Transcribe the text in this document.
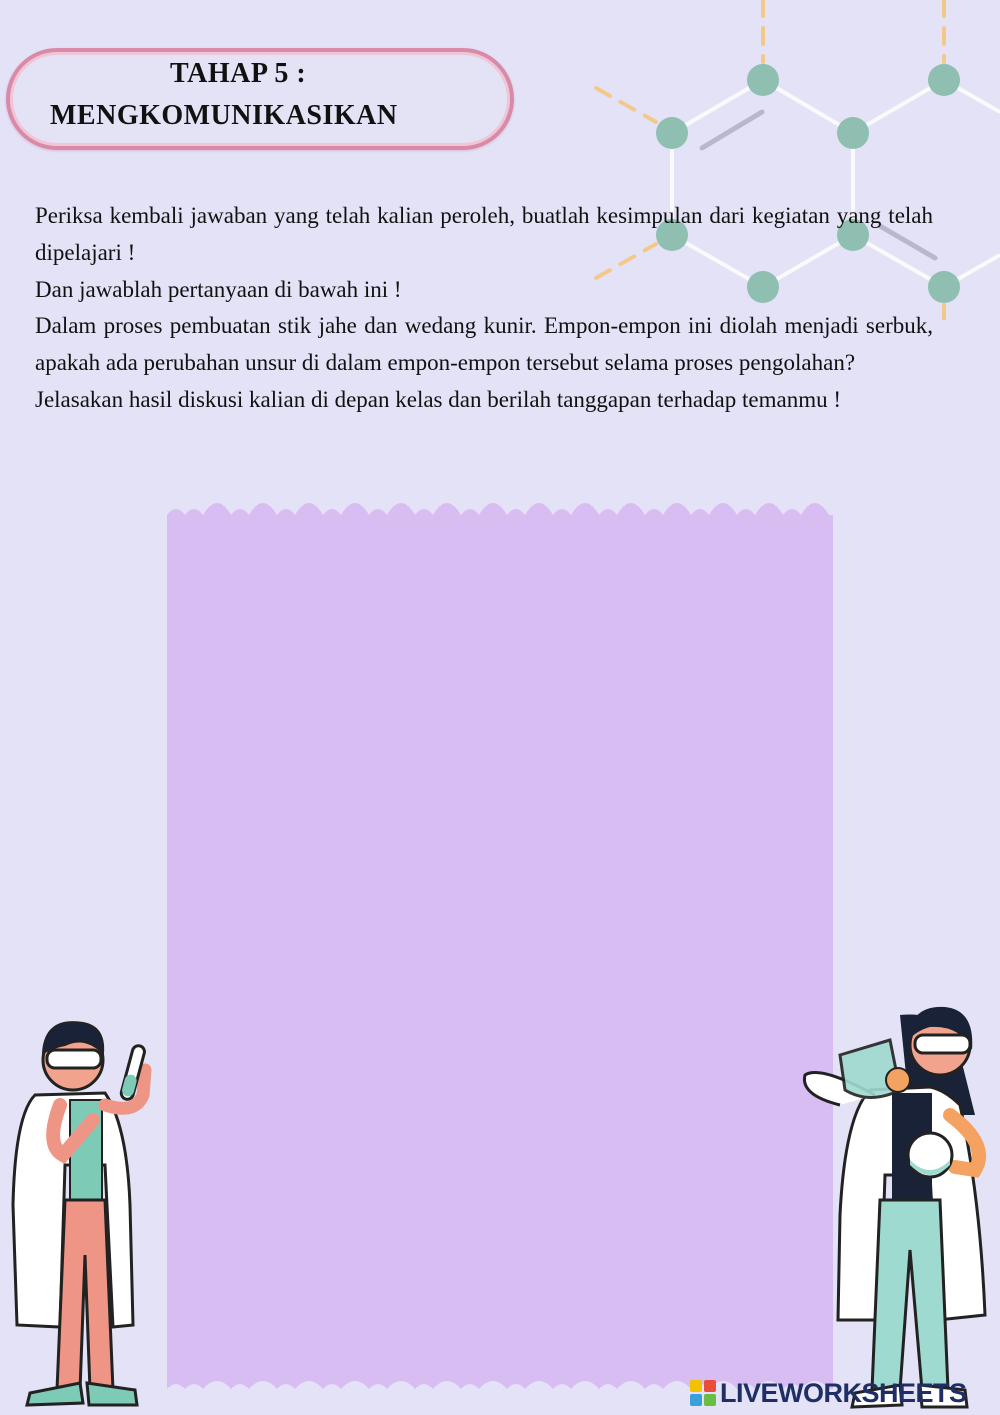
TAHAP 5 :
MENGKOMUNIKASIKAN

Periksa kembali jawaban yang telah kalian peroleh, buatlah kesimpulan dari kegiatan yang telah dipelajari !

Dan jawablah pertanyaan di bawah ini !

Dalam proses pembuatan stik jahe dan wedang kunir. Empon-empon ini diolah menjadi serbuk, apakah ada perubahan unsur di dalam empon-empon tersebut selama proses pengolahan?

Jelasakan hasil diskusi kalian di depan kelas dan berilah tanggapan terhadap temanmu !

LIVEWORKSHEETS
